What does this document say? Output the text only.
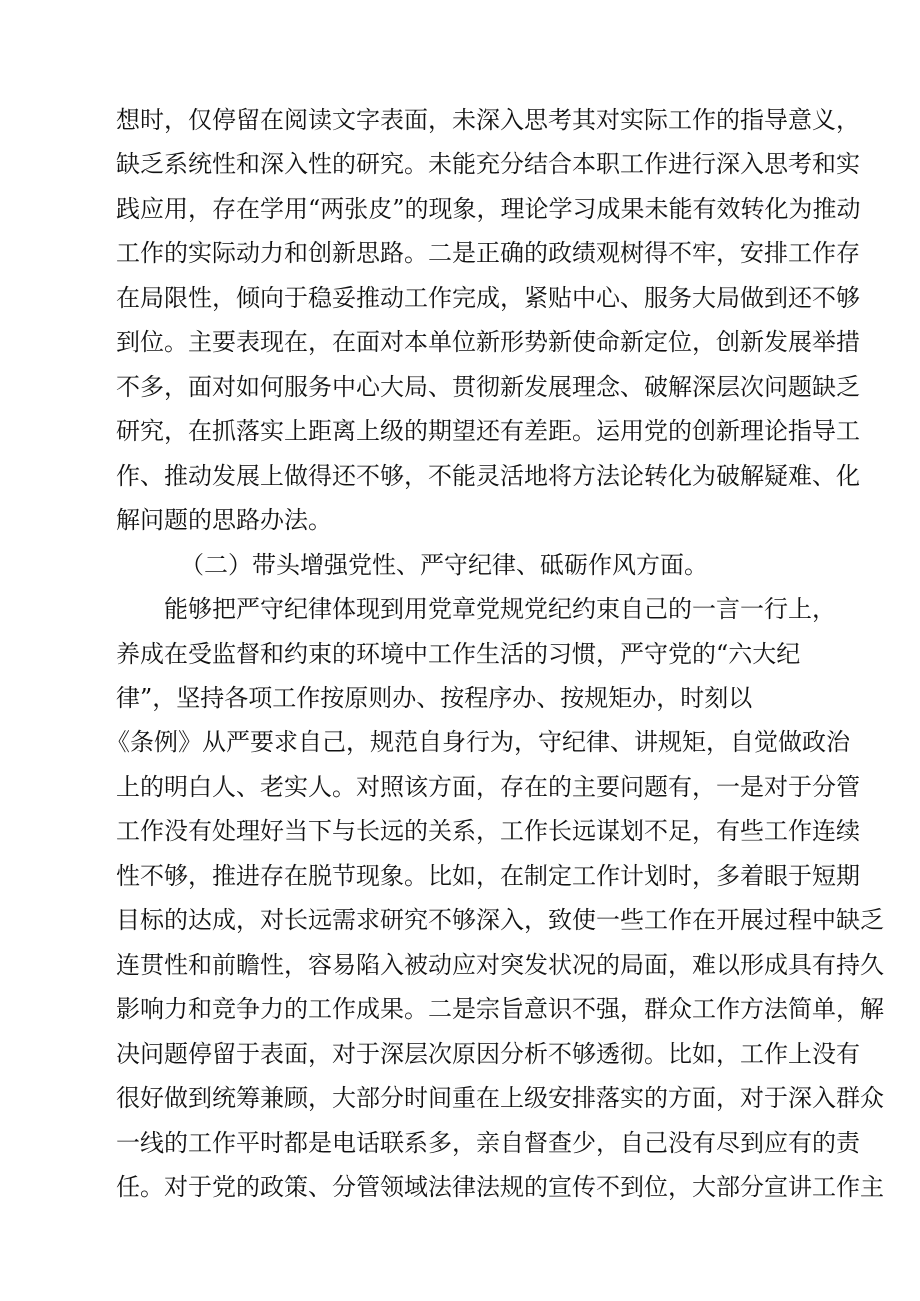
想时，仅停留在阅读文字表面，未深入思考其对实际工作的指导意义，
缺乏系统性和深入性的研究。未能充分结合本职工作进行深入思考和实
践应用，存在学用“两张皮”的现象，理论学习成果未能有效转化为推动
工作的实际动力和创新思路。二是正确的政绩观树得不牢，安排工作存
在局限性，倾向于稳妥推动工作完成，紧贴中心、服务大局做到还不够
到位。主要表现在，在面对本单位新形势新使命新定位，创新发展举措
不多，面对如何服务中心大局、贯彻新发展理念、破解深层次问题缺乏
研究，在抓落实上距离上级的期望还有差距。运用党的创新理论指导工
作、推动发展上做得还不够，不能灵活地将方法论转化为破解疑难、化
解问题的思路办法。
（二）带头增强党性、严守纪律、砥砺作风方面。
能够把严守纪律体现到用党章党规党纪约束自己的一言一行上，
养成在受监督和约束的环境中工作生活的习惯，严守党的“六大纪
律”，坚持各项工作按原则办、按程序办、按规矩办，时刻以
《条例》从严要求自己，规范自身行为，守纪律、讲规矩，自觉做政治
上的明白人、老实人。对照该方面，存在的主要问题有，一是对于分管
工作没有处理好当下与长远的关系，工作长远谋划不足，有些工作连续
性不够，推进存在脱节现象。比如，在制定工作计划时，多着眼于短期
目标的达成，对长远需求研究不够深入，致使一些工作在开展过程中缺乏
连贯性和前瞻性，容易陷入被动应对突发状况的局面，难以形成具有持久
影响力和竞争力的工作成果。二是宗旨意识不强，群众工作方法简单，解
决问题停留于表面，对于深层次原因分析不够透彻。比如，工作上没有
很好做到统筹兼顾，大部分时间重在上级安排落实的方面，对于深入群众
一线的工作平时都是电话联系多，亲自督查少，自己没有尽到应有的责
任。对于党的政策、分管领域法律法规的宣传不到位，大部分宣讲工作主
